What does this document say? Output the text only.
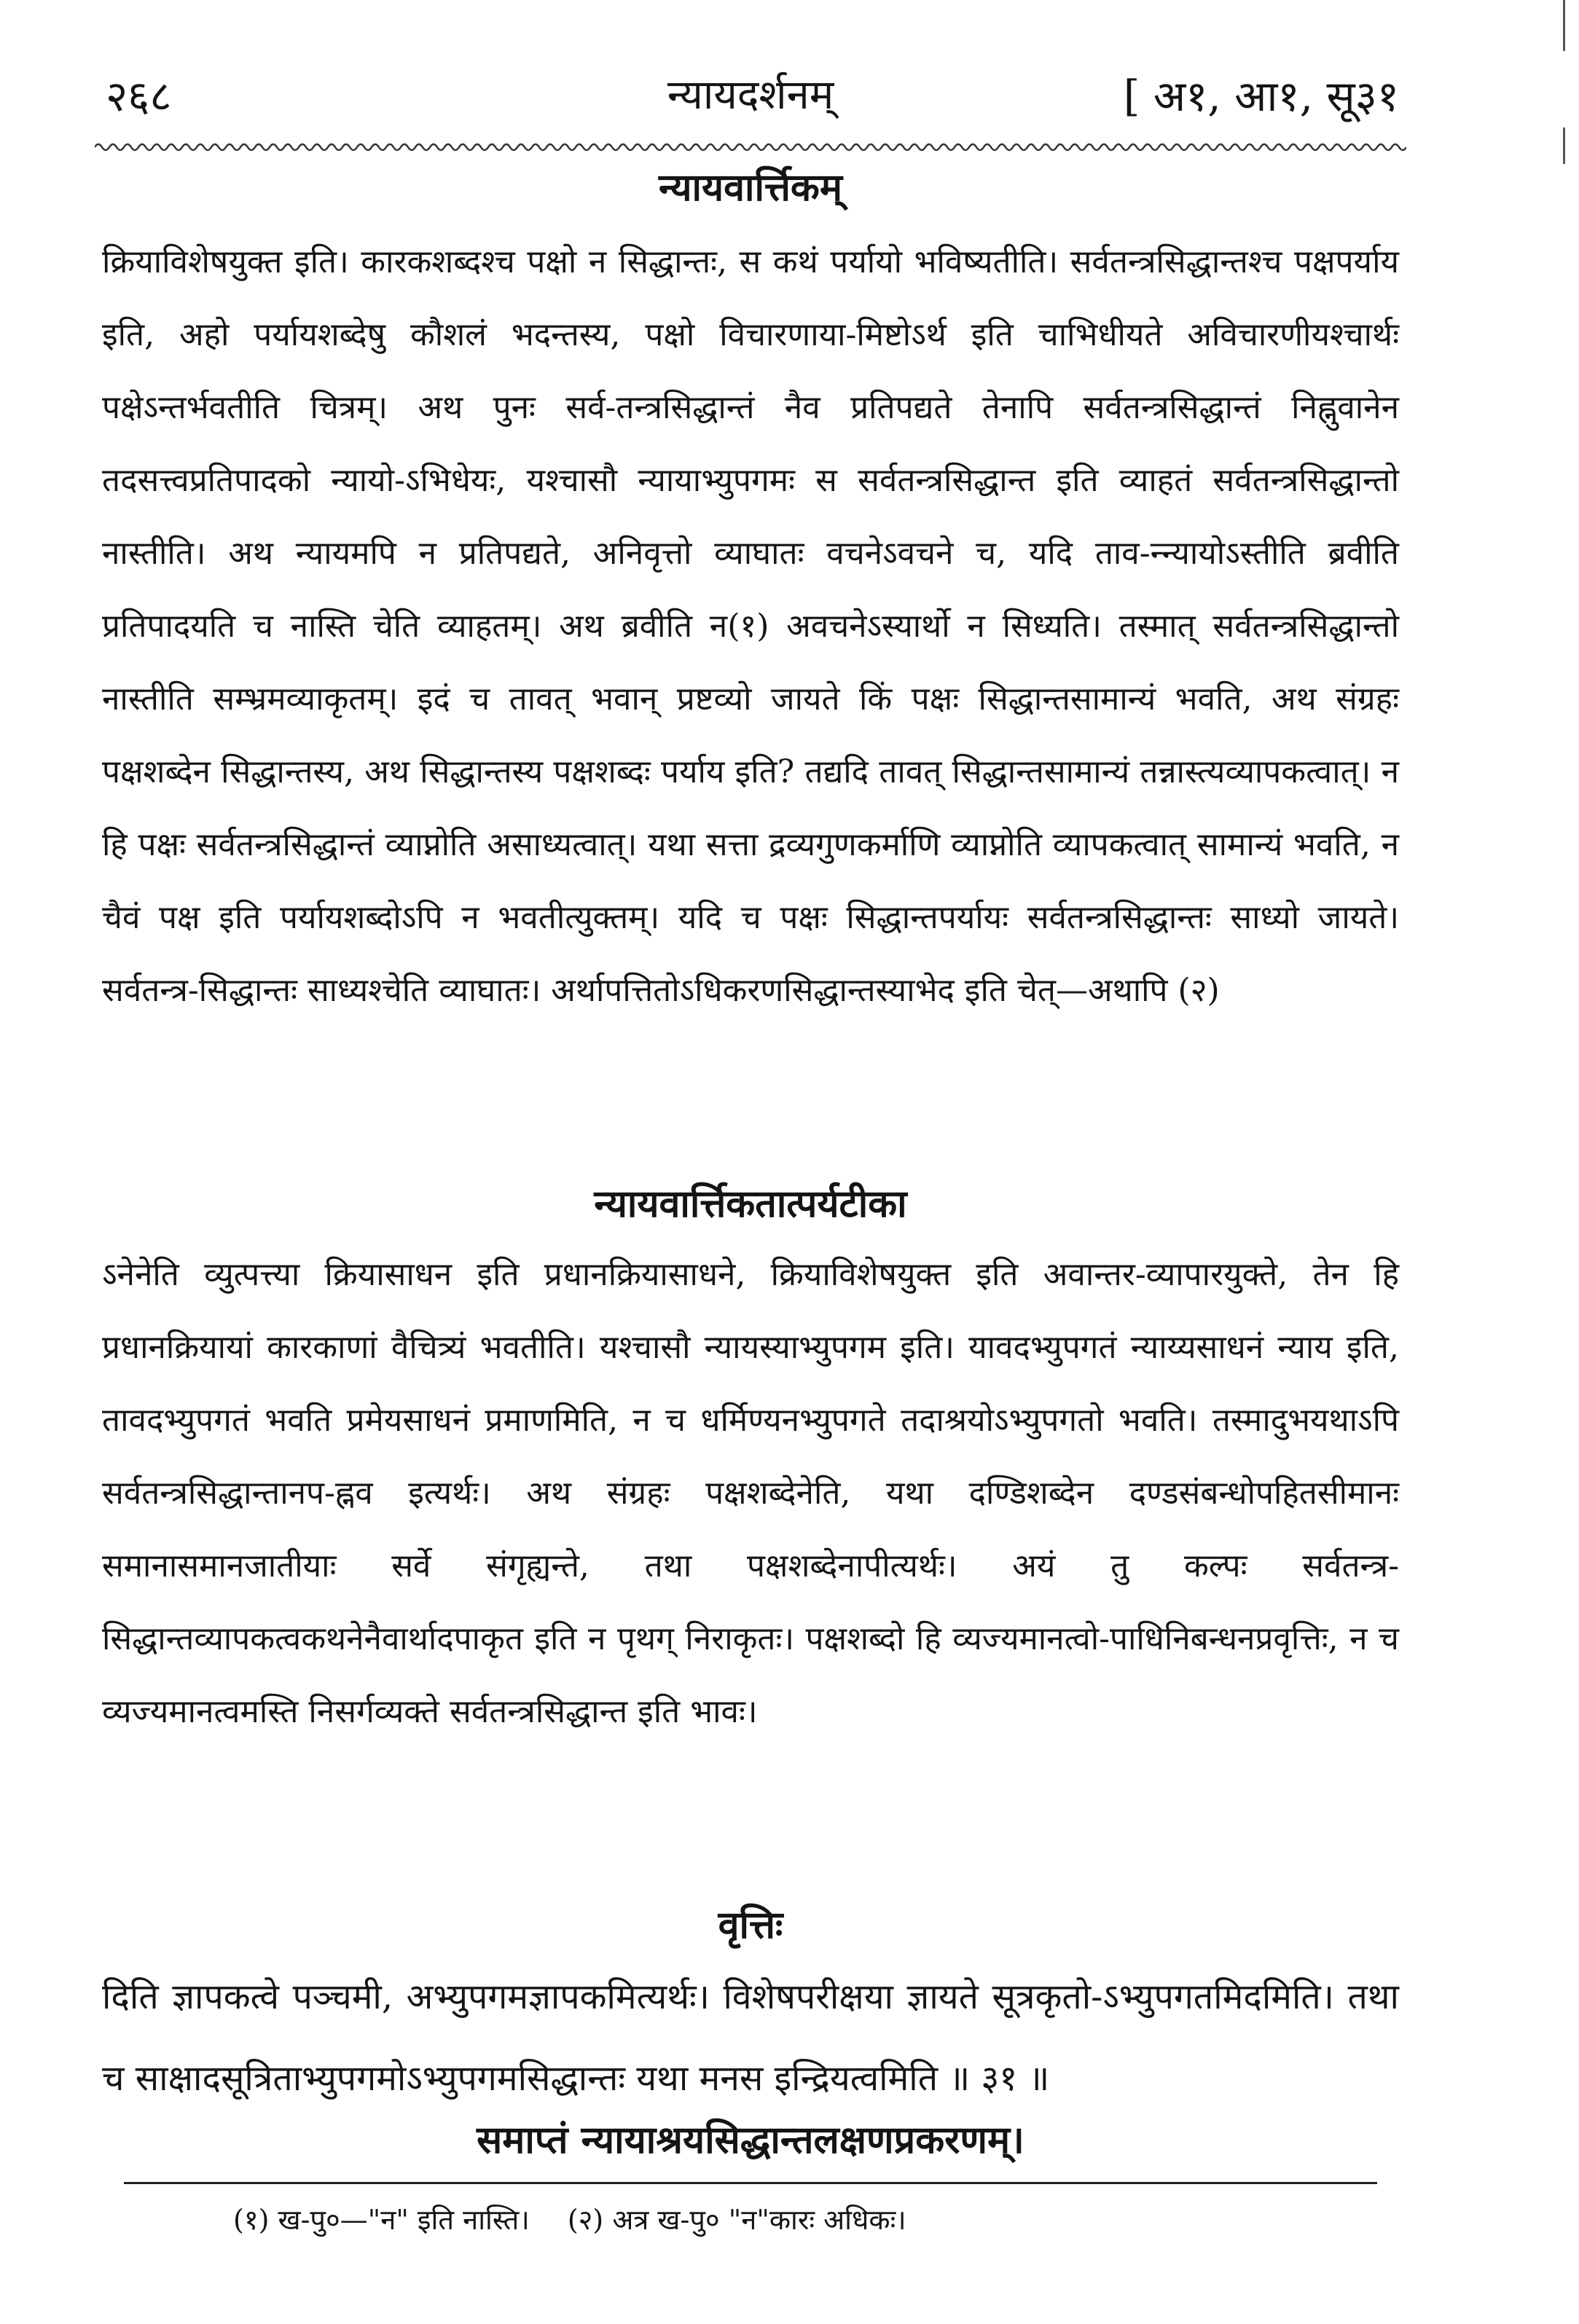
२६८	न्यायदर्शनम्	[ अ१, आ१, सू३१
न्यायवार्त्तिकम्

क्रियाविशेषयुक्त इति। कारकशब्दश्च पक्षो न सिद्धान्तः, स कथं पर्यायो भविष्यतीति। सर्वतन्त्रसिद्धान्तश्च पक्षपर्याय इति, अहो पर्यायशब्देषु कौशलं भदन्तस्य, पक्षो विचारणाया-मिष्टोऽर्थ इति चाभिधीयते अविचारणीयश्चार्थः पक्षेऽन्तर्भवतीति चित्रम्। अथ पुनः सर्व-तन्त्रसिद्धान्तं नैव प्रतिपद्यते तेनापि सर्वतन्त्रसिद्धान्तं निह्नुवानेन तदसत्त्वप्रतिपादको न्यायो-ऽभिधेयः, यश्चासौ न्यायाभ्युपगमः स सर्वतन्त्रसिद्धान्त इति व्याहतं सर्वतन्त्रसिद्धान्तो नास्तीति। अथ न्यायमपि न प्रतिपद्यते, अनिवृत्तो व्याघातः वचनेऽवचने च, यदि ताव-न्न्यायोऽस्तीति ब्रवीति प्रतिपादयति च नास्ति चेति व्याहतम्। अथ ब्रवीति न(१) अवचनेऽस्यार्थो न सिध्यति। तस्मात् सर्वतन्त्रसिद्धान्तो नास्तीति सम्भ्रमव्याकृतम्। इदं च तावत् भवान् प्रष्टव्यो जायते किं पक्षः सिद्धान्तसामान्यं भवति, अथ संग्रहः पक्षशब्देन सिद्धान्तस्य, अथ सिद्धान्तस्य पक्षशब्दः पर्याय इति? तद्यदि तावत् सिद्धान्तसामान्यं तन्नास्त्यव्यापकत्वात्। न हि पक्षः सर्वतन्त्रसिद्धान्तं व्याप्नोति असाध्यत्वात्। यथा सत्ता द्रव्यगुणकर्माणि व्याप्नोति व्यापकत्वात् सामान्यं भवति, न चैवं पक्ष इति पर्यायशब्दोऽपि न भवतीत्युक्तम्। यदि च पक्षः सिद्धान्तपर्यायः सर्वतन्त्रसिद्धान्तः साध्यो जायते। सर्वतन्त्र-सिद्धान्तः साध्यश्चेति व्याघातः। अर्थापत्तितोऽधिकरणसिद्धान्तस्याभेद इति चेत्—अथापि (२)

न्यायवार्त्तिकतात्पर्यटीका

ऽनेनेति व्युत्पत्त्या क्रियासाधन इति प्रधानक्रियासाधने, क्रियाविशेषयुक्त इति अवान्तर-व्यापारयुक्ते, तेन हि प्रधानक्रियायां कारकाणां वैचित्र्यं भवतीति। यश्चासौ न्यायस्याभ्युपगम इति। यावदभ्युपगतं न्याय्यसाधनं न्याय इति, तावदभ्युपगतं भवति प्रमेयसाधनं प्रमाणमिति, न च धर्मिण्यनभ्युपगते तदाश्रयोऽभ्युपगतो भवति। तस्मादुभयथाऽपि सर्वतन्त्रसिद्धान्तानप-ह्नव इत्यर्थः। अथ संग्रहः पक्षशब्देनेति, यथा दण्डिशब्देन दण्डसंबन्धोपहितसीमानः समानासमानजातीयाः सर्वे संगृह्यन्ते, तथा पक्षशब्देनापीत्यर्थः। अयं तु कल्पः सर्वतन्त्र-सिद्धान्तव्यापकत्वकथनेनैवार्थादपाकृत इति न पृथग् निराकृतः। पक्षशब्दो हि व्यज्यमानत्वो-पाधिनिबन्धनप्रवृत्तिः, न च व्यज्यमानत्वमस्ति निसर्गव्यक्ते सर्वतन्त्रसिद्धान्त इति भावः।

वृत्तिः

दिति ज्ञापकत्वे पञ्चमी, अभ्युपगमज्ञापकमित्यर्थः। विशेषपरीक्षया ज्ञायते सूत्रकृतो-ऽभ्युपगतमिदमिति। तथा च साक्षादसूत्रिताभ्युपगमोऽभ्युपगमसिद्धान्तः यथा मनस इन्द्रियत्वमिति ॥ ३१ ॥

समाप्तं न्यायाश्रयसिद्धान्तलक्षणप्रकरणम्।
(१) ख-पु०—"न" इति नास्ति। (२) अत्र ख-पु० "न"कारः अधिकः।
